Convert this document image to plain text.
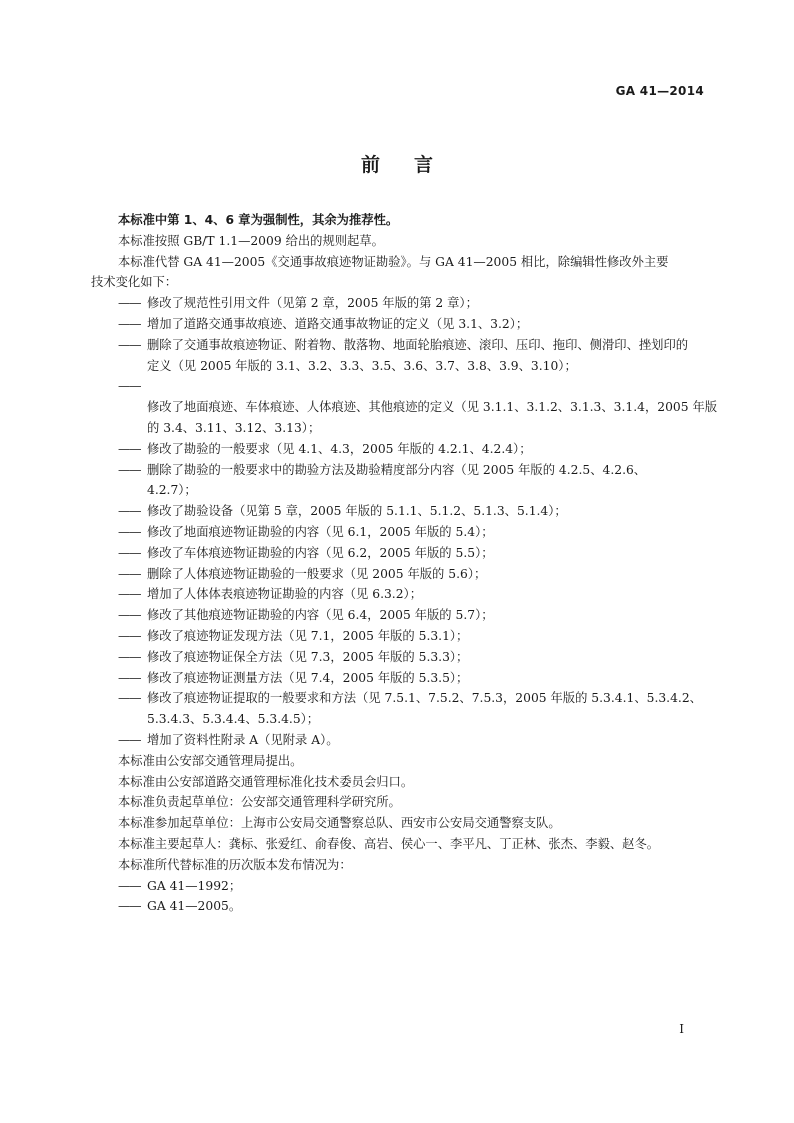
GA 41—2014
前言

本标准中第 1、4、6 章为强制性，其余为推荐性。

本标准按照 GB/T 1.1—2009 给出的规则起草。

本标准代替 GA 41—2005《交通事故痕迹物证勘验》。与 GA 41—2005 相比，除编辑性修改外主要
技术变化如下：

—— 修改了规范性引用文件（见第 2 章，2005 年版的第 2 章）；

—— 增加了道路交通事故痕迹、道路交通事故物证的定义（见 3.1、3.2）；

—— 删除了交通事故痕迹物证、附着物、散落物、地面轮胎痕迹、滚印、压印、拖印、侧滑印、挫划印的
定义（见 2005 年版的 3.1、3.2、3.3、3.5、3.6、3.7、3.8、3.9、3.10）；

——修改了地面痕迹、车体痕迹、人体痕迹、其他痕迹的定义（见 3.1.1、3.1.2、3.1.3、3.1.4，2005 年版
的 3.4、3.11、3.12、3.13）；

—— 修改了勘验的一般要求（见 4.1、4.3，2005 年版的 4.2.1、4.2.4）；

—— 删除了勘验的一般要求中的勘验方法及勘验精度部分内容（见 2005 年版的 4.2.5、4.2.6、
4.2.7）；

—— 修改了勘验设备（见第 5 章，2005 年版的 5.1.1、5.1.2、5.1.3、5.1.4）；

—— 修改了地面痕迹物证勘验的内容（见 6.1，2005 年版的 5.4）；

—— 修改了车体痕迹物证勘验的内容（见 6.2，2005 年版的 5.5）；

—— 删除了人体痕迹物证勘验的一般要求（见 2005 年版的 5.6）；

—— 增加了人体体表痕迹物证勘验的内容（见 6.3.2）；

—— 修改了其他痕迹物证勘验的内容（见 6.4，2005 年版的 5.7）；

—— 修改了痕迹物证发现方法（见 7.1，2005 年版的 5.3.1）；

—— 修改了痕迹物证保全方法（见 7.3，2005 年版的 5.3.3）；

—— 修改了痕迹物证测量方法（见 7.4，2005 年版的 5.3.5）；

—— 修改了痕迹物证提取的一般要求和方法（见 7.5.1、7.5.2、7.5.3，2005 年版的 5.3.4.1、5.3.4.2、
5.3.4.3、5.3.4.4、5.3.4.5）；

—— 增加了资料性附录 A（见附录 A）。

本标准由公安部交通管理局提出。

本标准由公安部道路交通管理标准化技术委员会归口。

本标准负责起草单位：公安部交通管理科学研究所。

本标准参加起草单位：上海市公安局交通警察总队、西安市公安局交通警察支队。

本标准主要起草人：龚标、张爱红、俞春俊、高岩、侯心一、李平凡、丁正林、张杰、李毅、赵冬。

本标准所代替标准的历次版本发布情况为：

—— GA 41—1992；

—— GA 41—2005。

I
